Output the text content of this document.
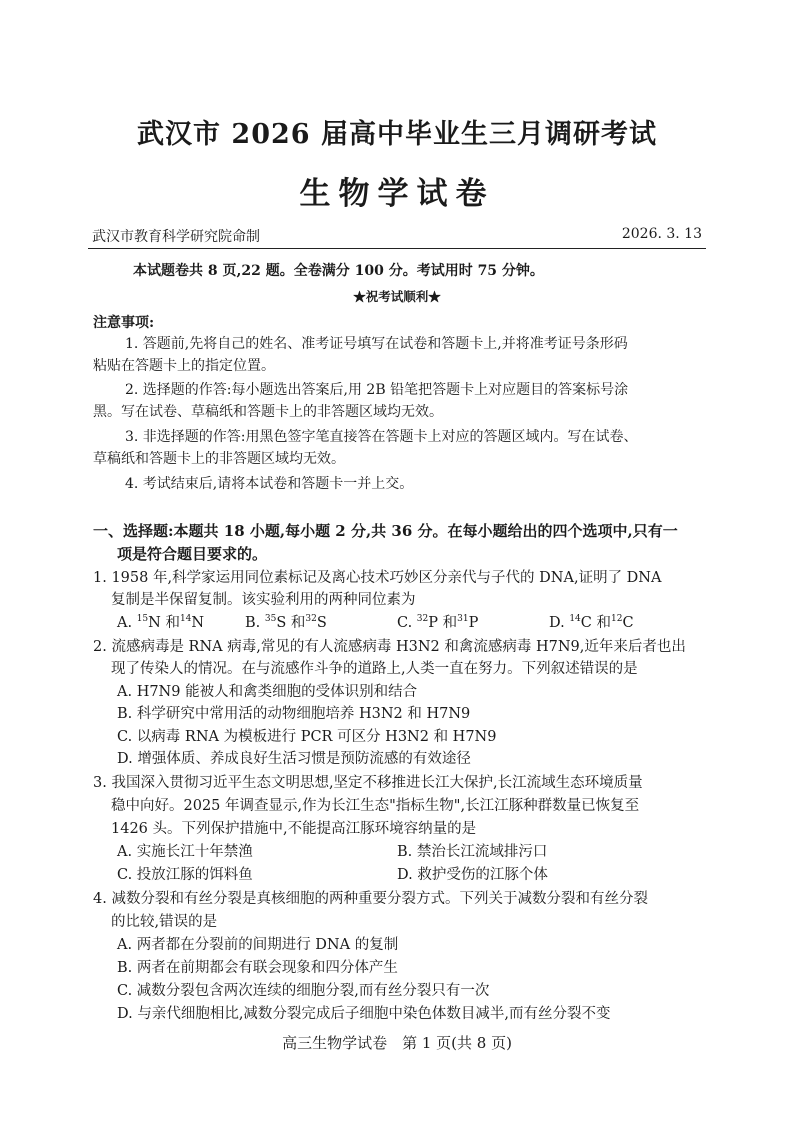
武汉市 2026 届高中毕业生三月调研考试
生物学试卷
武汉市教育科学研究院命制	2026. 3. 13
本试题卷共 8 页,22 题。全卷满分 100 分。考试用时 75 分钟。
★祝考试顺利★
注意事项:
1. 答题前,先将自己的姓名、准考证号填写在试卷和答题卡上,并将准考证号条形码
粘贴在答题卡上的指定位置。
2. 选择题的作答:每小题选出答案后,用 2B 铅笔把答题卡上对应题目的答案标号涂
黑。写在试卷、草稿纸和答题卡上的非答题区域均无效。
3. 非选择题的作答:用黑色签字笔直接答在答题卡上对应的答题区域内。写在试卷、
草稿纸和答题卡上的非答题区域均无效。
4. 考试结束后,请将本试卷和答题卡一并上交。
一、选择题:本题共 18 小题,每小题 2 分,共 36 分。在每小题给出的四个选项中,只有一
项是符合题目要求的。
1. 1958 年,科学家运用同位素标记及离心技术巧妙区分亲代与子代的 DNA,证明了 DNA
复制是半保留复制。该实验利用的两种同位素为
A. $^{15}$N 和$^{14}$N	B. $^{35}$S 和$^{32}$S	C. $^{32}$P 和$^{31}$P	D. $^{14}$C 和$^{12}$C
2. 流感病毒是 RNA 病毒,常见的有人流感病毒 H3N2 和禽流感病毒 H7N9,近年来后者也出
现了传染人的情况。在与流感作斗争的道路上,人类一直在努力。下列叙述错误的是
A. H7N9 能被人和禽类细胞的受体识别和结合
B. 科学研究中常用活的动物细胞培养 H3N2 和 H7N9
C. 以病毒 RNA 为模板进行 PCR 可区分 H3N2 和 H7N9
D. 增强体质、养成良好生活习惯是预防流感的有效途径
3. 我国深入贯彻习近平生态文明思想,坚定不移推进长江大保护,长江流域生态环境质量
稳中向好。2025 年调查显示,作为长江生态"指标生物",长江江豚种群数量已恢复至
1426 头。下列保护措施中,不能提高江豚环境容纳量的是
A. 实施长江十年禁渔	B. 禁治长江流域排污口
C. 投放江豚的饵料鱼	D. 救护受伤的江豚个体
4. 减数分裂和有丝分裂是真核细胞的两种重要分裂方式。下列关于减数分裂和有丝分裂
的比较,错误的是
A. 两者都在分裂前的间期进行 DNA 的复制
B. 两者在前期都会有联会现象和四分体产生
C. 减数分裂包含两次连续的细胞分裂,而有丝分裂只有一次
D. 与亲代细胞相比,减数分裂完成后子细胞中染色体数目减半,而有丝分裂不变
高三生物学试卷　第 1 页(共 8 页)
